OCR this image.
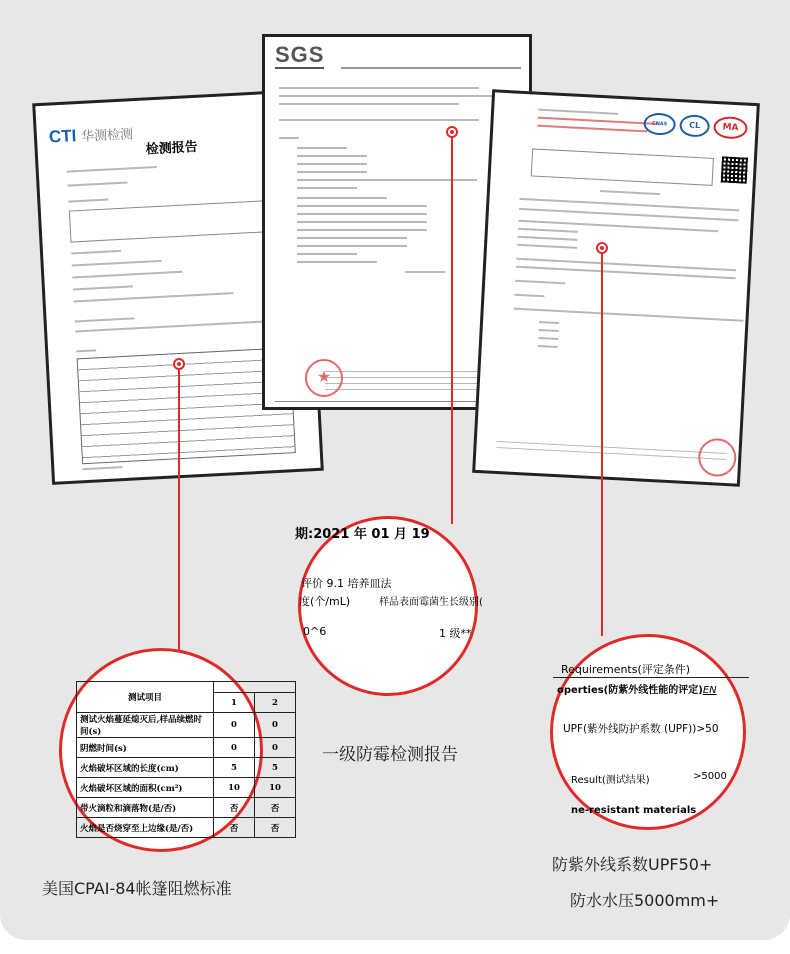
CTI 华测检测
检测报告
SGS
★
CNAS	CL	MA
测试项目		
	1	2
测试火焰蔓延熄灭后,样品续燃时间(s)	0	0
阴燃时间(s)	0	0
火焰破坏区域的长度(cm)	5	5
火焰破坏区域的面积(cm²)	10	10
带火滴粒和滴落物(是/否)	否	否
火焰是否烧穿至上边缘(是/否)	否	否
期:2021 年 01 月 19
评价 9.1 培养皿法
度(个/mL)	样品表面霉菌生长级别(
0^6	1 级**
Requirements(评定条件)
operties(防紫外线性能的评定)EN
UPF(紫外线防护系数 (UPF))>50
Result(测试结果)	>5000
ne-resistant materials
美国CPAI-84帐篷阻燃标准
一级防霉检测报告
防紫外线系数UPF50+
防水水压5000mm+
